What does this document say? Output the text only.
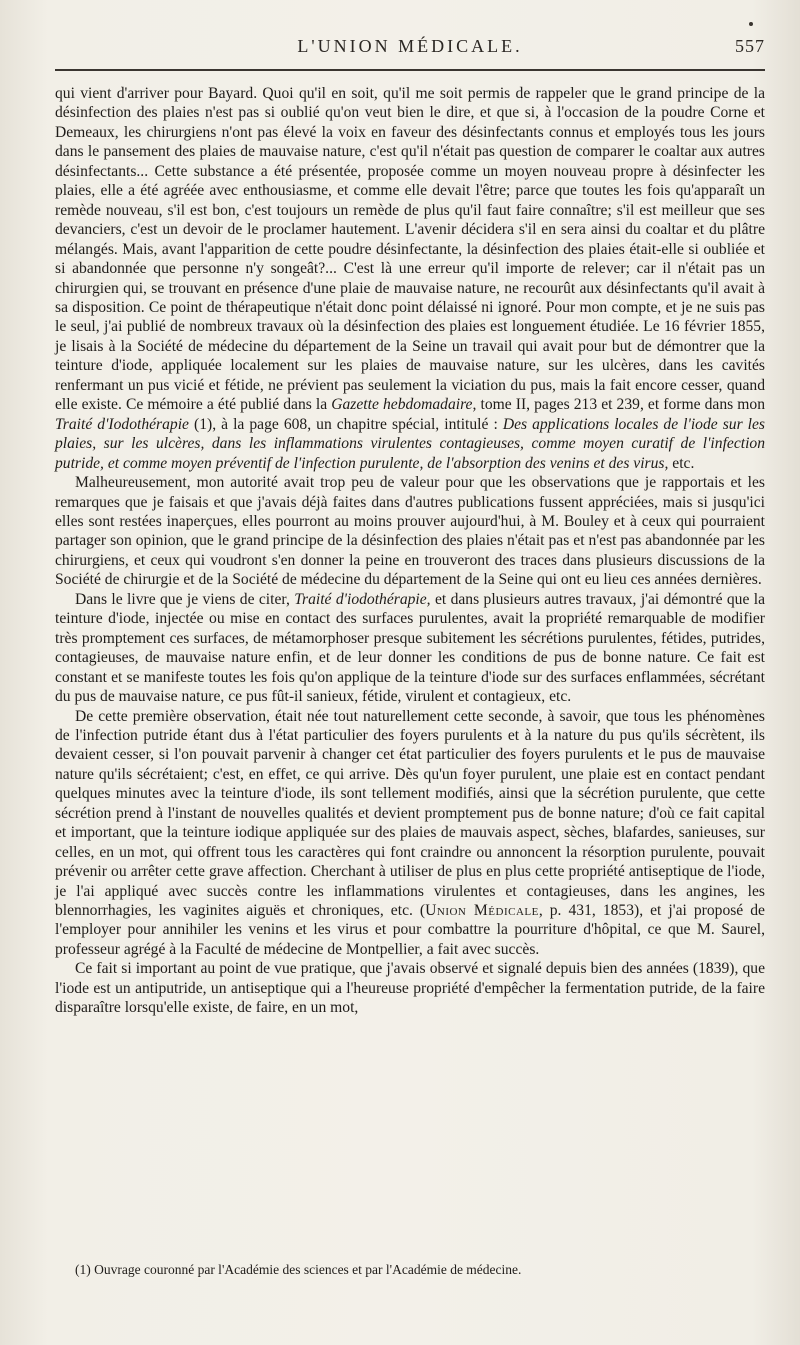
L'UNION MÉDICALE.	557

qui vient d'arriver pour Bayard. Quoi qu'il en soit, qu'il me soit permis de rappeler que le grand principe de la désinfection des plaies n'est pas si oublié qu'on veut bien le dire, et que si, à l'occasion de la poudre Corne et Demeaux, les chirurgiens n'ont pas élevé la voix en faveur des désinfectants connus et employés tous les jours dans le pansement des plaies de mauvaise nature, c'est qu'il n'était pas question de comparer le coaltar aux autres désinfectants... Cette substance a été présentée, proposée comme un moyen nouveau propre à désinfecter les plaies, elle a été agréée avec enthousiasme, et comme elle devait l'être; parce que toutes les fois qu'apparaît un remède nouveau, s'il est bon, c'est toujours un remède de plus qu'il faut faire connaître; s'il est meilleur que ses devanciers, c'est un devoir de le proclamer hautement. L'avenir décidera s'il en sera ainsi du coaltar et du plâtre mélangés. Mais, avant l'apparition de cette poudre désinfectante, la désinfection des plaies était-elle si oubliée et si abandonnée que personne n'y songeât?... C'est là une erreur qu'il importe de relever; car il n'était pas un chirurgien qui, se trouvant en présence d'une plaie de mauvaise nature, ne recourût aux désinfectants qu'il avait à sa disposition. Ce point de thérapeutique n'était donc point délaissé ni ignoré. Pour mon compte, et je ne suis pas le seul, j'ai publié de nombreux travaux où la désinfection des plaies est longuement étudiée. Le 16 février 1855, je lisais à la Société de médecine du département de la Seine un travail qui avait pour but de démontrer que la teinture d'iode, appliquée localement sur les plaies de mauvaise nature, sur les ulcères, dans les cavités renfermant un pus vicié et fétide, ne prévient pas seulement la viciation du pus, mais la fait encore cesser, quand elle existe. Ce mémoire a été publié dans la Gazette hebdomadaire, tome II, pages 213 et 239, et forme dans mon Traité d'Iodothérapie (1), à la page 608, un chapitre spécial, intitulé : Des applications locales de l'iode sur les plaies, sur les ulcères, dans les inflammations virulentes contagieuses, comme moyen curatif de l'infection putride, et comme moyen préventif de l'infection purulente, de l'absorption des venins et des virus, etc.

Malheureusement, mon autorité avait trop peu de valeur pour que les observations que je rapportais et les remarques que je faisais et que j'avais déjà faites dans d'autres publications fussent appréciées, mais si jusqu'ici elles sont restées inaperçues, elles pourront au moins prouver aujourd'hui, à M. Bouley et à ceux qui pourraient partager son opinion, que le grand principe de la désinfection des plaies n'était pas et n'est pas abandonnée par les chirurgiens, et ceux qui voudront s'en donner la peine en trouveront des traces dans plusieurs discussions de la Société de chirurgie et de la Société de médecine du département de la Seine qui ont eu lieu ces années dernières.

Dans le livre que je viens de citer, Traité d'iodothérapie, et dans plusieurs autres travaux, j'ai démontré que la teinture d'iode, injectée ou mise en contact des surfaces purulentes, avait la propriété remarquable de modifier très promptement ces surfaces, de métamorphoser presque subitement les sécrétions purulentes, fétides, putrides, contagieuses, de mauvaise nature enfin, et de leur donner les conditions de pus de bonne nature. Ce fait est constant et se manifeste toutes les fois qu'on applique de la teinture d'iode sur des surfaces enflammées, sécrétant du pus de mauvaise nature, ce pus fût-il sanieux, fétide, virulent et contagieux, etc.

De cette première observation, était née tout naturellement cette seconde, à savoir, que tous les phénomènes de l'infection putride étant dus à l'état particulier des foyers purulents et à la nature du pus qu'ils sécrètent, ils devaient cesser, si l'on pouvait parvenir à changer cet état particulier des foyers purulents et le pus de mauvaise nature qu'ils sécrétaient; c'est, en effet, ce qui arrive. Dès qu'un foyer purulent, une plaie est en contact pendant quelques minutes avec la teinture d'iode, ils sont tellement modifiés, ainsi que la sécrétion purulente, que cette sécrétion prend à l'instant de nouvelles qualités et devient promptement pus de bonne nature; d'où ce fait capital et important, que la teinture iodique appliquée sur des plaies de mauvais aspect, sèches, blafardes, sanieuses, sur celles, en un mot, qui offrent tous les caractères qui font craindre ou annoncent la résorption purulente, pouvait prévenir ou arrêter cette grave affection. Cherchant à utiliser de plus en plus cette propriété antiseptique de l'iode, je l'ai appliqué avec succès contre les inflammations virulentes et contagieuses, dans les angines, les blennorrhagies, les vaginites aiguës et chroniques, etc. (Union Médicale, p. 431, 1853), et j'ai proposé de l'employer pour annihiler les venins et les virus et pour combattre la pourriture d'hôpital, ce que M. Saurel, professeur agrégé à la Faculté de médecine de Montpellier, a fait avec succès.

Ce fait si important au point de vue pratique, que j'avais observé et signalé depuis bien des années (1839), que l'iode est un antiputride, un antiseptique qui a l'heureuse propriété d'empêcher la fermentation putride, de la faire disparaître lorsqu'elle existe, de faire, en un mot,

(1) Ouvrage couronné par l'Académie des sciences et par l'Académie de médecine.
